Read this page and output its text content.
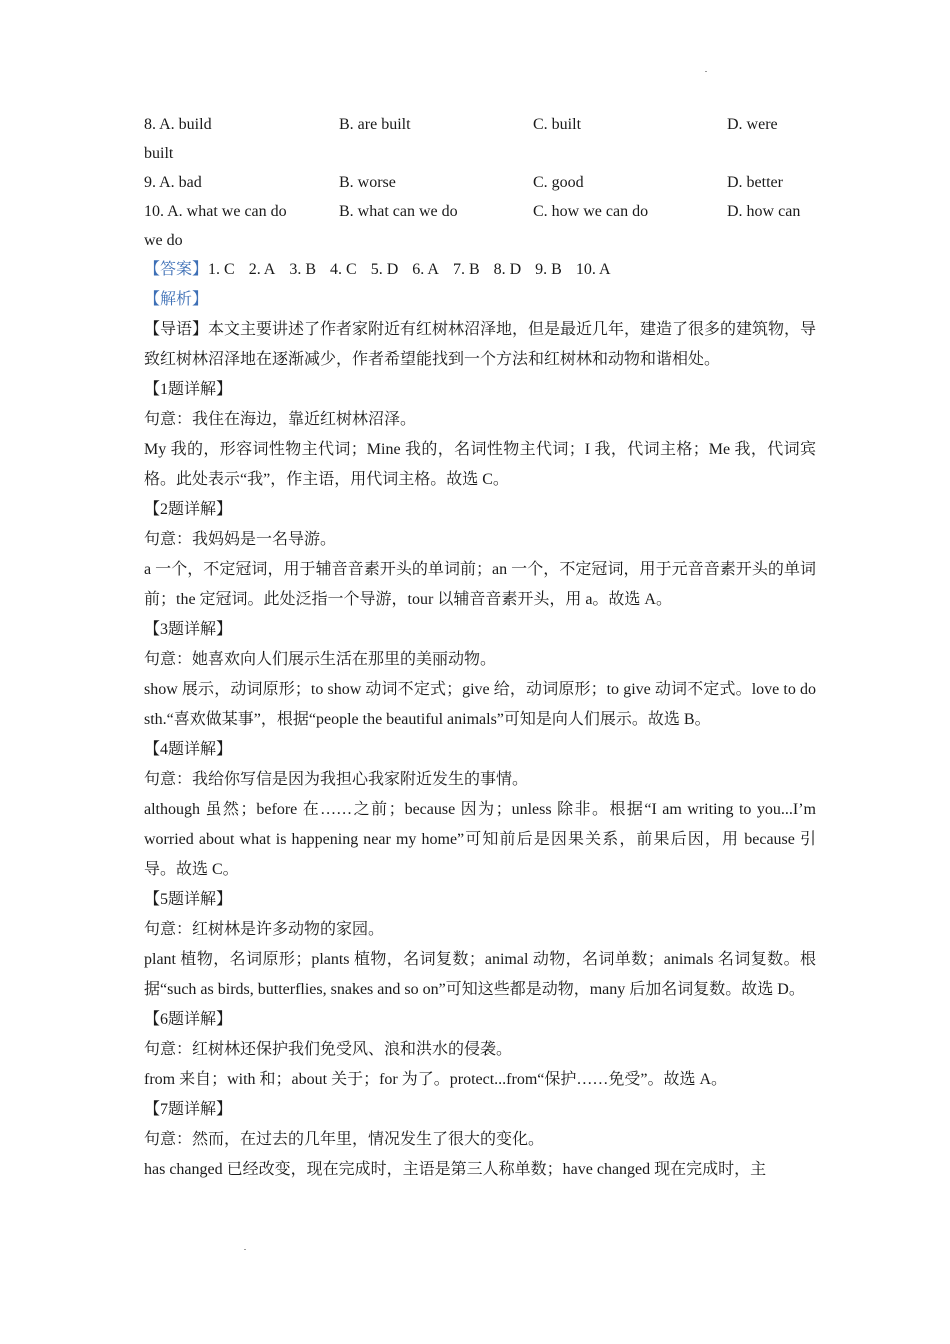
8. A. build	B. are built	C. built	D. were
built
9. A. bad	B. worse	C. good	D. better
10. A. what we can do	B. what can we do	C. how we can do	D. how can
we do
【答案】1. C 2. A 3. B 4. C 5. D 6. A 7. B 8. D 9. B 10. A
【解析】

【导语】本文主要讲述了作者家附近有红树林沼泽地，但是最近几年，建造了很多的建筑物，导致红树林沼泽地在逐渐减少，作者希望能找到一个方法和红树林和动物和谐相处。

【1题详解】

句意：我住在海边，靠近红树林沼泽。

My 我的，形容词性物主代词；Mine 我的，名词性物主代词；I 我，代词主格；Me 我，代词宾格。此处表示“我”，作主语，用代词主格。故选 C。

【2题详解】

句意：我妈妈是一名导游。

a 一个，不定冠词，用于辅音音素开头的单词前；an 一个，不定冠词，用于元音音素开头的单词前；the 定冠词。此处泛指一个导游，tour 以辅音音素开头，用 a。故选 A。

【3题详解】

句意：她喜欢向人们展示生活在那里的美丽动物。

show 展示，动词原形；to show 动词不定式；give 给，动词原形；to give 动词不定式。love to do sth.“喜欢做某事”，根据“people the beautiful animals”可知是向人们展示。故选 B。

【4题详解】

句意：我给你写信是因为我担心我家附近发生的事情。

although 虽然；before 在……之前；because 因为；unless 除非。根据“I am writing to you...I’m worried about what is happening near my home”可知前后是因果关系，前果后因，用 because 引导。故选 C。

【5题详解】

句意：红树林是许多动物的家园。

plant 植物，名词原形；plants 植物，名词复数；animal 动物，名词单数；animals 名词复数。根据“such as birds, butterflies, snakes and so on”可知这些都是动物，many 后加名词复数。故选 D。

【6题详解】

句意：红树林还保护我们免受风、浪和洪水的侵袭。

from 来自；with 和；about 关于；for 为了。protect...from“保护……免受”。故选 A。

【7题详解】

句意：然而，在过去的几年里，情况发生了很大的变化。

has changed 已经改变，现在完成时，主语是第三人称单数；have changed 现在完成时，主
